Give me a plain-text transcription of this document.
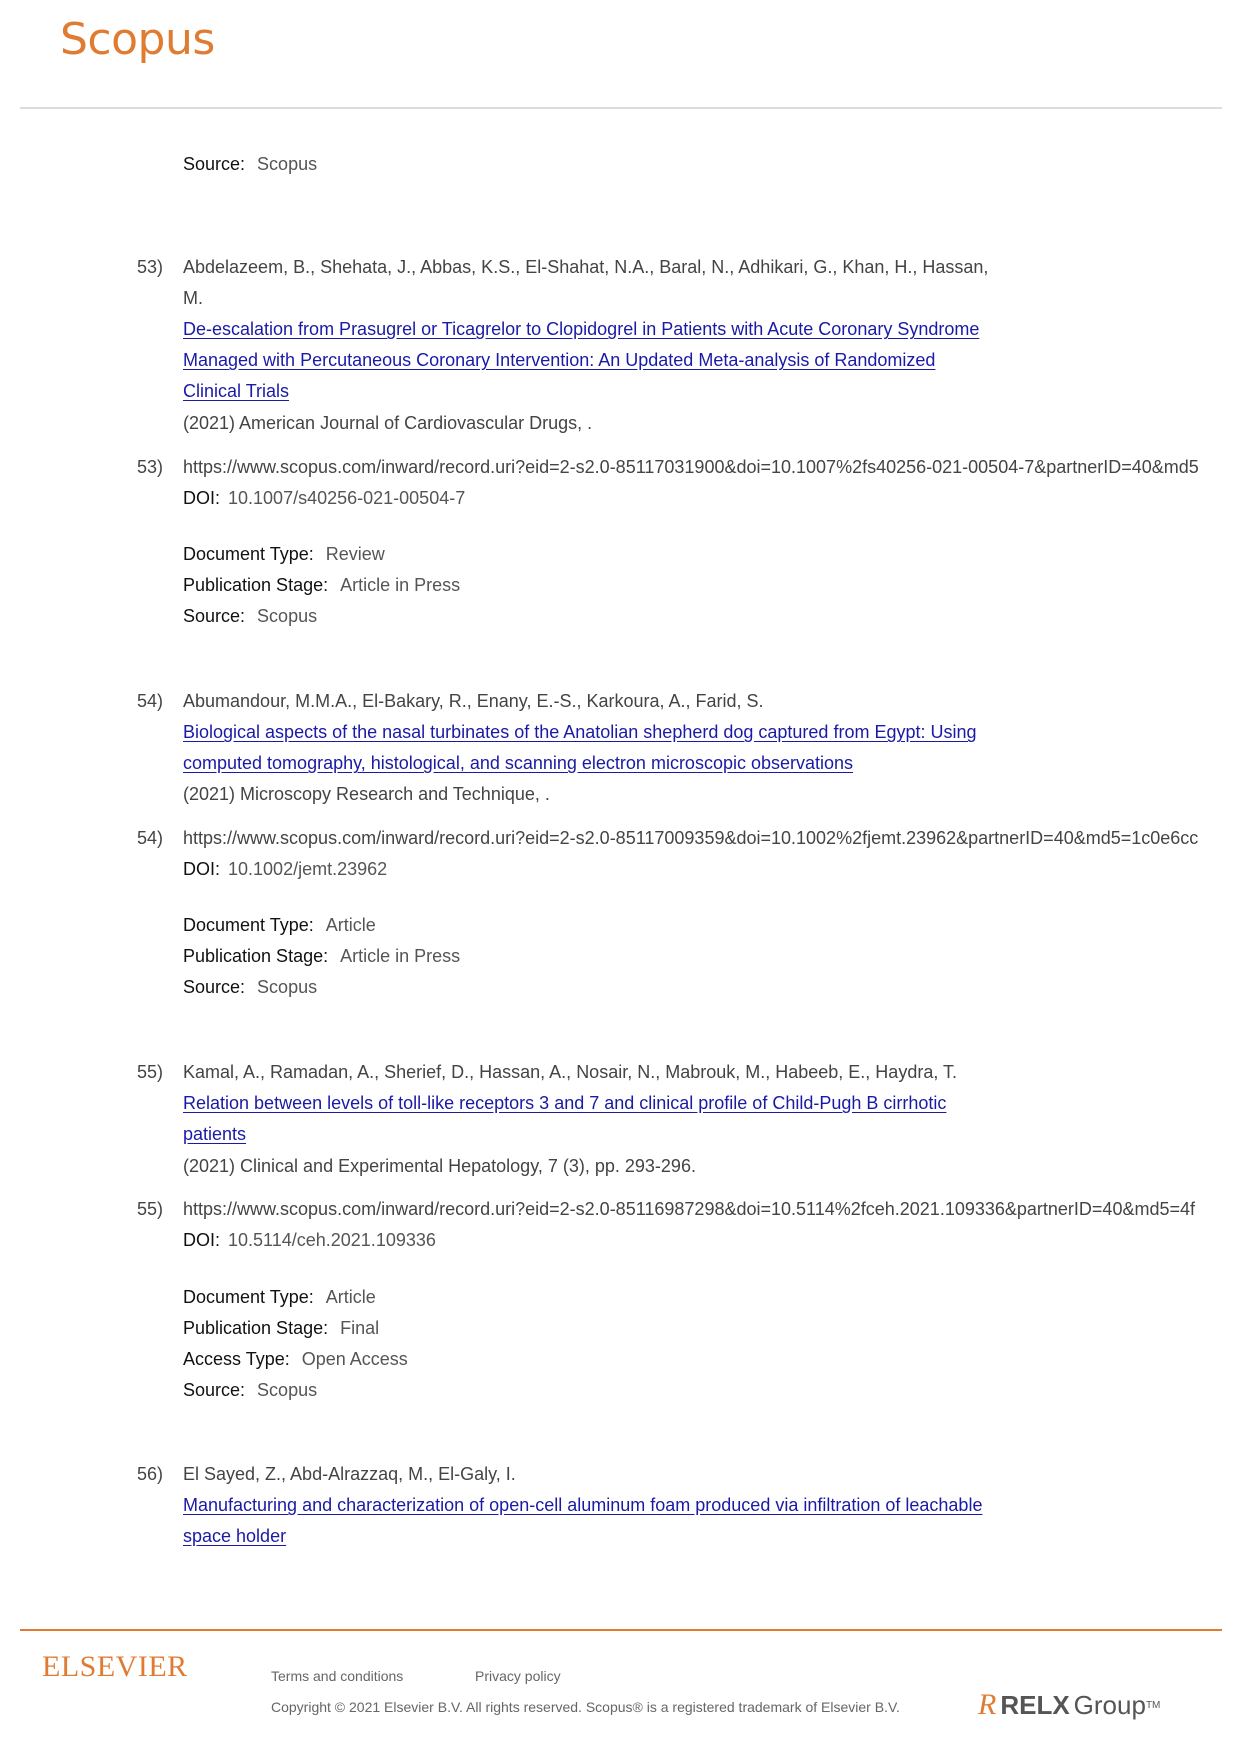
Scopus
Source: Scopus
53) Abdelazeem, B., Shehata, J., Abbas, K.S., El-Shahat, N.A., Baral, N., Adhikari, G., Khan, H., Hassan,
M.
De-escalation from Prasugrel or Ticagrelor to Clopidogrel in Patients with Acute Coronary Syndrome
Managed with Percutaneous Coronary Intervention: An Updated Meta-analysis of Randomized
Clinical Trials
(2021) American Journal of Cardiovascular Drugs, .
53) https://www.scopus.com/inward/record.uri?eid=2-s2.0-85117031900&doi=10.1007%2fs40256-021-00504-7&partnerID=40&md5
DOI: 10.1007/s40256-021-00504-7
Document Type: Review
Publication Stage: Article in Press
Source: Scopus
54) Abumandour, M.M.A., El-Bakary, R., Enany, E.-S., Karkoura, A., Farid, S.
Biological aspects of the nasal turbinates of the Anatolian shepherd dog captured from Egypt: Using
computed tomography, histological, and scanning electron microscopic observations
(2021) Microscopy Research and Technique, .
54) https://www.scopus.com/inward/record.uri?eid=2-s2.0-85117009359&doi=10.1002%2fjemt.23962&partnerID=40&md5=1c0e6cc
DOI: 10.1002/jemt.23962
Document Type: Article
Publication Stage: Article in Press
Source: Scopus
55) Kamal, A., Ramadan, A., Sherief, D., Hassan, A., Nosair, N., Mabrouk, M., Habeeb, E., Haydra, T.
Relation between levels of toll-like receptors 3 and 7 and clinical profile of Child-Pugh B cirrhotic
patients
(2021) Clinical and Experimental Hepatology, 7 (3), pp. 293-296.
55) https://www.scopus.com/inward/record.uri?eid=2-s2.0-85116987298&doi=10.5114%2fceh.2021.109336&partnerID=40&md5=4f
DOI: 10.5114/ceh.2021.109336
Document Type: Article
Publication Stage: Final
Access Type: Open Access
Source: Scopus
56) El Sayed, Z., Abd-Alrazzaq, M., El-Galy, I.
Manufacturing and characterization of open-cell aluminum foam produced via infiltration of leachable
space holder
ELSEVIER	Terms and conditions	Privacy policy
Copyright © 2021 Elsevier B.V. All rights reserved. Scopus® is a registered trademark of Elsevier B.V.	R RELX Group TM
